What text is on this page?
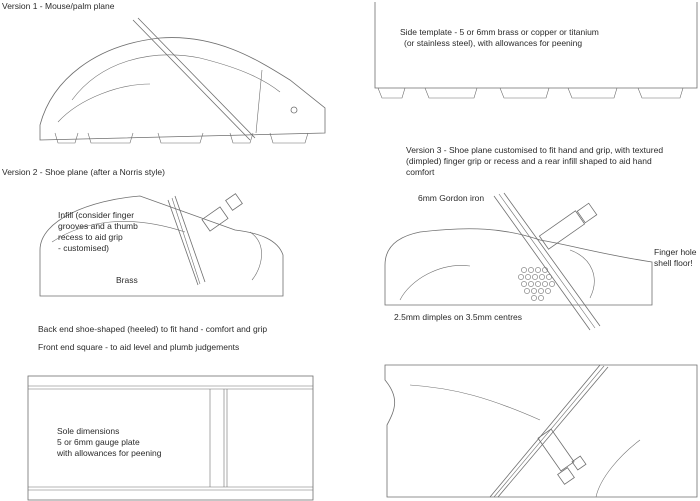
Version 1 - Mouse/palm plane
Side template - 5 or 6mm brass or copper or titanium
(or stainless steel), with allowances for peening
Version 2 - Shoe plane (after a Norris style)
Infill (consider finger
grooves and a thumb
recess to aid grip
- customised)
Brass
Back end shoe-shaped (heeled) to fit hand - comfort and grip
Front end square - to aid level and plumb judgements
Version 3 - Shoe plane customised to fit hand and grip, with textured
(dimpled) finger grip or recess and a rear infill shaped to aid hand
comfort
6mm Gordon iron
Finger hole
shell floor!
2.5mm dimples on 3.5mm centres
Sole dimensions
5 or 6mm gauge plate
with allowances for peening
